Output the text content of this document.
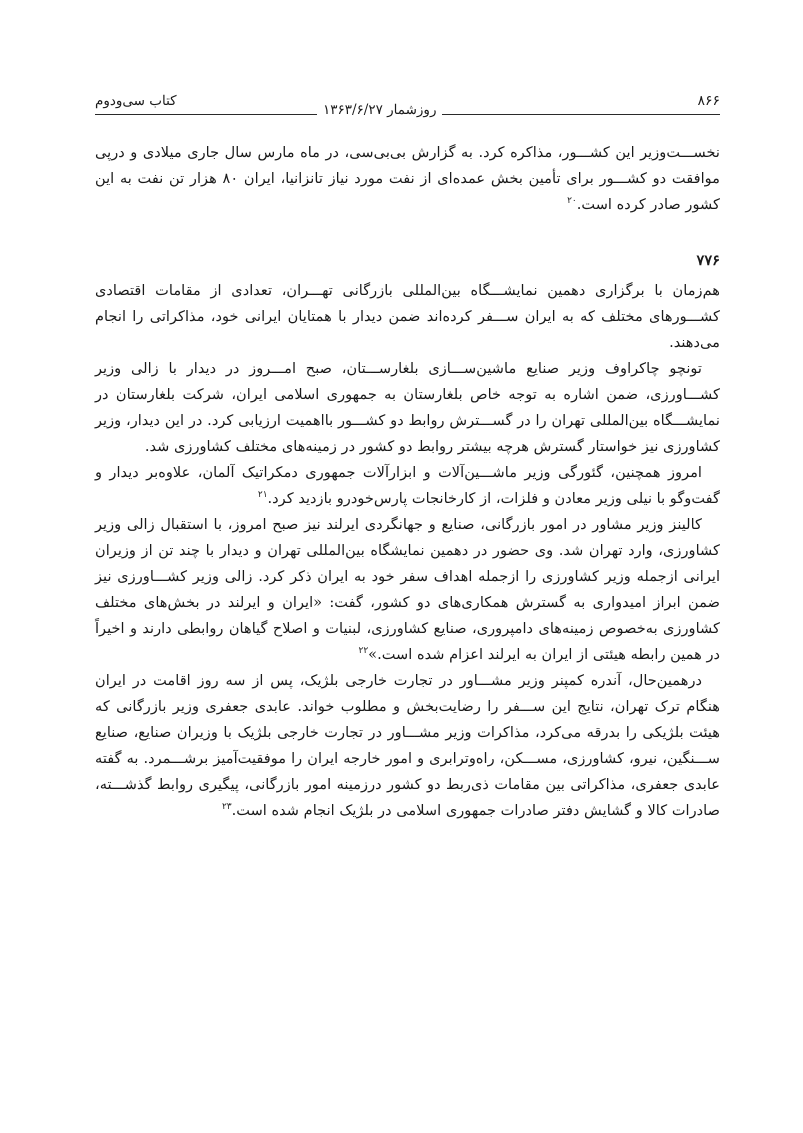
۸۶۶
روزشمار ۱۳۶۳/۶/۲۷
کتاب سی‌ودوم

نخســـت‌وزیر این کشـــور، مذاکره کرد. به گزارش بی‌بی‌سی، در ماه مارس سال جاری میلادی و درپی موافقت دو کشـــور برای تأمین بخش عمده‌ای از نفت مورد نیاز تانزانیا، ایران ۸۰ هزار تن نفت به این کشور صادر کرده است.$^{۲۰}$

۷۷۶

هم‌زمان با برگزاری دهمین نمایشـــگاه بین‌المللی بازرگانی تهـــران، تعدادی از مقامات اقتصادی کشـــورهای مختلف که به ایران ســـفر کرده‌اند ضمن دیدار با همتایان ایرانی خود، مذاکراتی را انجام می‌دهند.

تونچو چاکراوف وزیر صنایع ماشین‌ســـازی بلغارســـتان، صبح امـــروز در دیدار با زالی وزیر کشـــاورزی، ضمن اشاره به توجه خاص بلغارستان به جمهوری اسلامی ایران، شرکت بلغارستان در نمایشـــگاه بین‌المللی تهران را در گســـترش روابط دو کشـــور بااهمیت ارزیابی کرد. در این دیدار، وزیر کشاورزی نیز خواستار گسترش هرچه بیشتر روابط دو کشور در زمینه‌های مختلف کشاورزی شد.

امروز همچنین، گئورگی وزیر ماشـــین‌آلات و ابزارآلات جمهوری دمکراتیک آلمان، علاوه‌بر دیدار و گفت‌وگو با نیلی وزیر معادن و فلزات، از کارخانجات پارس‌خودرو بازدید کرد.$^{۲۱}$

کالینز وزیر مشاور در امور بازرگانی، صنایع و جهانگردی ایرلند نیز صبح امروز، با استقبال زالی وزیر کشاورزی، وارد تهران شد. وی حضور در دهمین نمایشگاه بین‌المللی تهران و دیدار با چند تن از وزیران ایرانی ازجمله وزیر کشاورزی را ازجمله اهداف سفر خود به ایران ذکر کرد. زالی وزیر کشـــاورزی نیز ضمن ابراز امیدواری به گسترش همکاری‌های دو کشور، گفت: «ایران و ایرلند در بخش‌های مختلف کشاورزی به‌خصوص زمینه‌های دامپروری، صنایع کشاورزی، لبنیات و اصلاح گیاهان روابطی دارند و اخیراً در همین رابطه هیئتی از ایران به ایرلند اعزام شده است.»$^{۲۲}$

درهمین‌حال، آندره کمپنر وزیر مشـــاور در تجارت خارجی بلژیک، پس از سه روز اقامت در ایران هنگام ترک تهران، نتایج این ســـفر را رضایت‌بخش و مطلوب خواند. عابدی جعفری وزیر بازرگانی که هیئت بلژیکی را بدرقه می‌کرد، مذاکرات وزیر مشـــاور در تجارت خارجی بلژیک با وزیران صنایع، صنایع ســـنگین، نیرو، کشاورزی، مســـکن، راه‌وترابری و امور خارجه ایران را موفقیت‌آمیز برشـــمرد. به گفته عابدی جعفری، مذاکراتی بین مقامات ذی‌ربط دو کشور درزمینه امور بازرگانی، پیگیری روابط گذشـــته، صادرات کالا و گشایش دفتر صادرات جمهوری اسلامی در بلژیک انجام شده است.$^{۲۳}$
